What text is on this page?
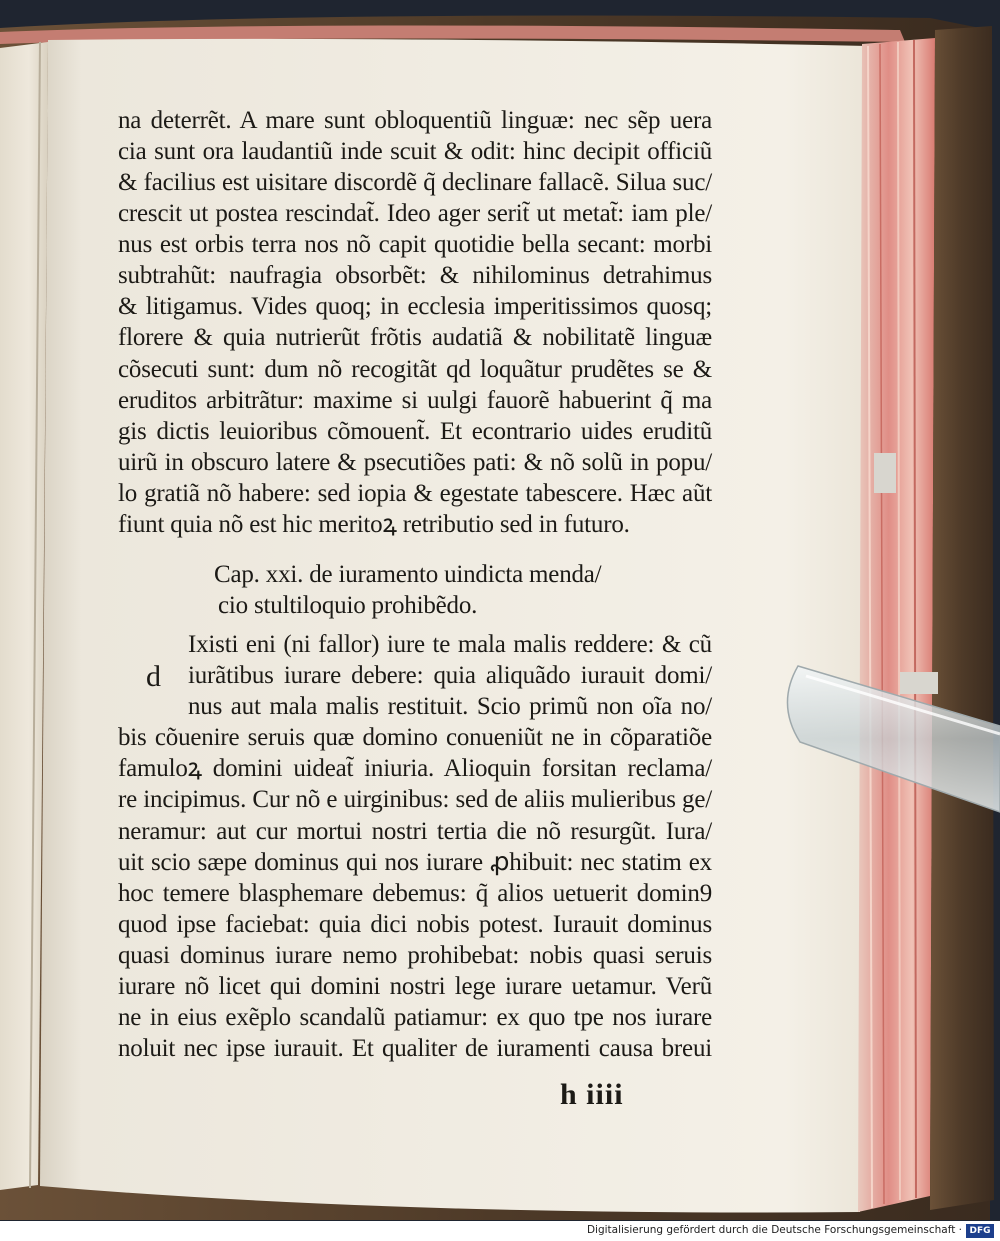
na deterrẽt. A mare sunt obloquentiũ linguæ: nec sẽp uera
cia sunt ora laudantiũ inde scuit & odit: hinc decipit officiũ
& facilius est uisitare discordẽ q̃ declinare fallacẽ. Silua suc/
crescit ut postea rescindat̃. Ideo ager serit̃ ut metat̃: iam ple/
nus est orbis terra nos nõ capit quotidie bella secant: morbi
subtrahũt: naufragia obsorbẽt: & nihilominus detrahimus
& litigamus. Vides quoq; in ecclesia imperitissimos quosq;
florere & quia nutrierũt frõtis audatiã & nobilitatẽ linguæ
cõsecuti sunt: dum nõ recogitãt qd loquãtur prudẽtes se &
eruditos arbitrãtur: maxime si uulgi fauorẽ habuerint q̃ ma
gis dictis leuioribus cõmouent̃. Et econtrario uides eruditũ
uirũ in obscuro latere & psecutiões pati: & nõ solũ in popu/
lo gratiã nõ habere: sed iopia & egestate tabescere. Hæc aũt
fiunt quia nõ est hic meritoꝝ retributio sed in futuro.
Cap. xxi. de iuramento uindicta menda/
cio stultiloquio prohibẽdo.
d
Ixisti eni (ni fallor) iure te mala malis reddere: & cũ
iurãtibus iurare debere: quia aliquãdo iurauit domi/
nus aut mala malis restituit. Scio primũ non oĩa no/
bis cõuenire seruis quæ domino conueniũt ne in cõparatiõe
famuloꝝ domini uideat̃ iniuria. Alioquin forsitan reclama/
re incipimus. Cur nõ e uirginibus: sed de aliis mulieribus ge/
neramur: aut cur mortui nostri tertia die nõ resurgũt. Iura/
uit scio sæpe dominus qui nos iurare ꝓhibuit: nec statim ex
hoc temere blasphemare debemus: q̃ alios uetuerit domin9
quod ipse faciebat: quia dici nobis potest. Iurauit dominus
quasi dominus iurare nemo prohibebat: nobis quasi seruis
iurare nõ licet qui domini nostri lege iurare uetamur. Verũ
ne in eius exẽplo scandalũ patiamur: ex quo tpe nos iurare
noluit nec ipse iurauit. Et qualiter de iuramenti causa breui
h iiii
Digitalisierung gefördert durch die Deutsche Forschungsgemeinschaft · DFG
